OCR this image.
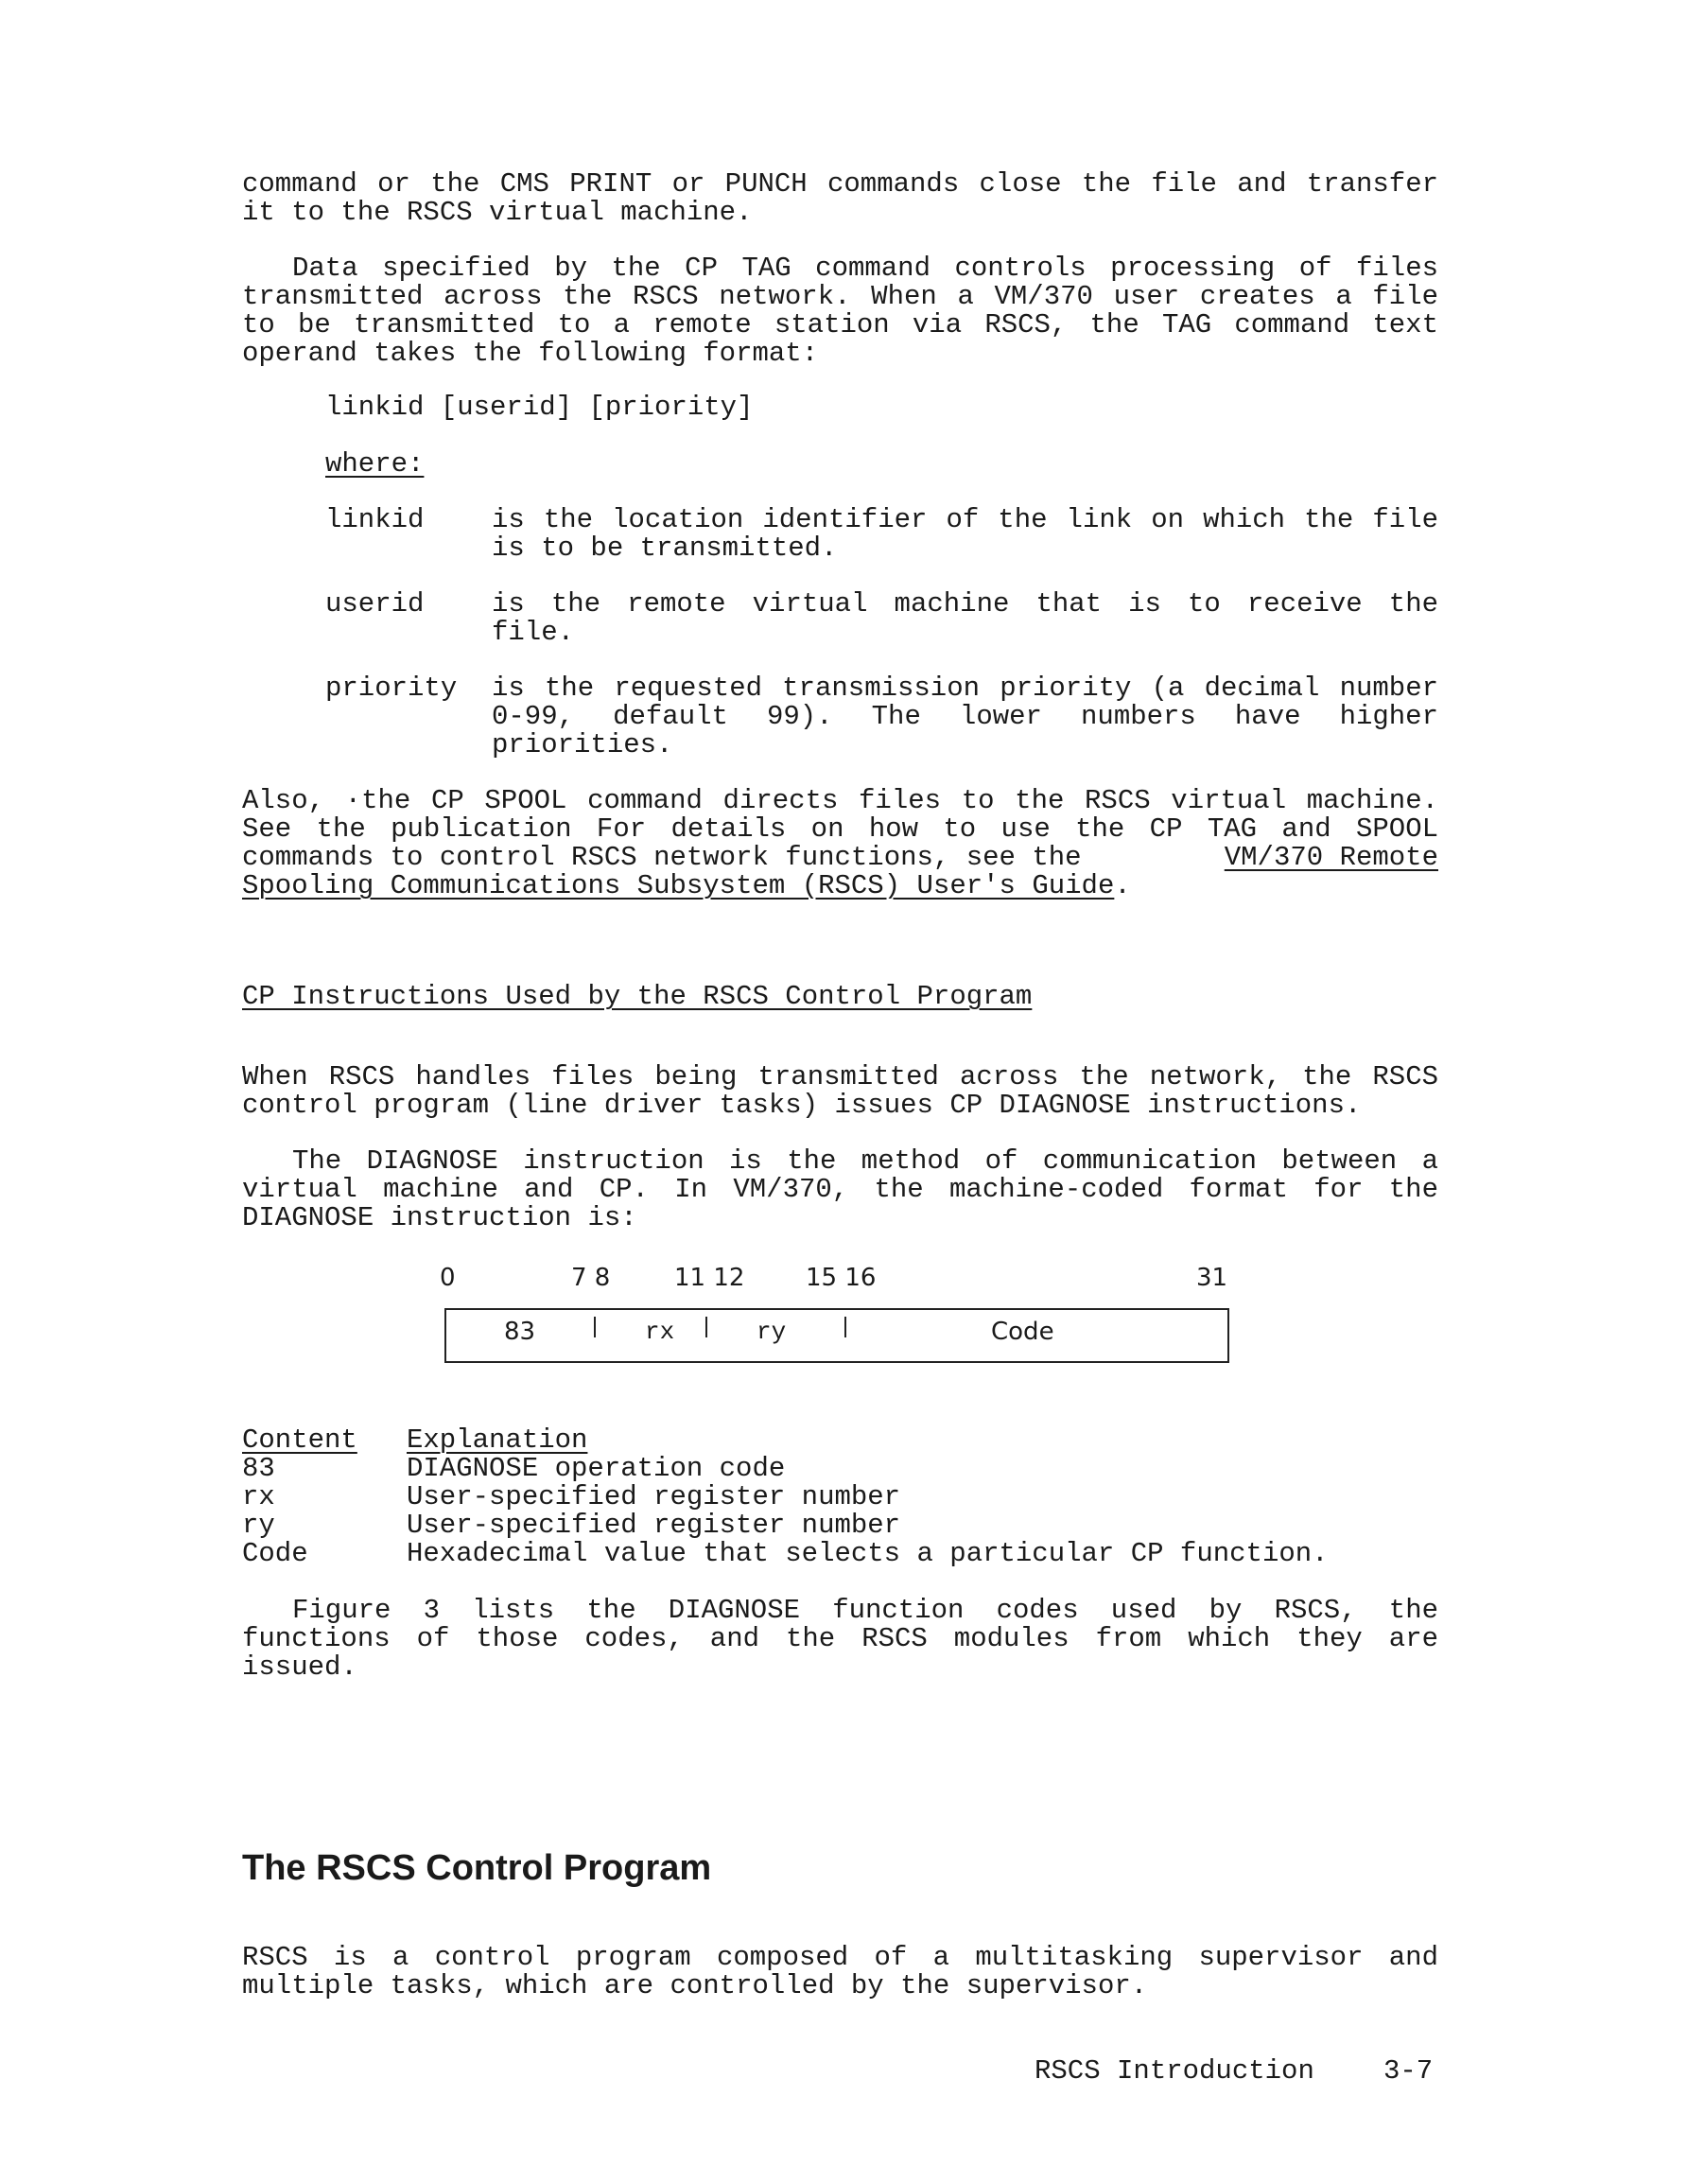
command or the CMS PRINT or PUNCH commands close the file and transfer
it to the RSCS virtual machine.
Data specified by the CP TAG command controls processing of files
transmitted across the RSCS network. When a VM/370 user creates a file
to be transmitted to a remote station via RSCS, the TAG command text
operand takes the following format:

linkid [userid] [priority]

where:

linkid is the location identifier of the link on which the file
is to be transmitted.

userid is the remote virtual machine that is to receive the
file.

priority is the requested transmission priority (a decimal number
0-99, default 99). The lower numbers have higher
priorities.
Also, ·the CP SPOOL command directs files to the RSCS virtual machine.
See the publication For details on how to use the CP TAG and SPOOL
commands to control RSCS network functions, see the	VM/370 Remote
Spooling Communications Subsystem (RSCS) User's Guide.

CP Instructions Used by the RSCS Control Program

When RSCS handles files being transmitted across the network, the RSCS
control program (line driver tasks) issues CP DIAGNOSE instructions.
The DIAGNOSE instruction is the method of communication between a
virtual machine and CP. In VM/370, the machine-coded format for the
DIAGNOSE instruction is:
0	7 8	11 12 15 16	31
83	rx	ry	Code

Content Explanation

83	DIAGNOSE operation code

rx	User-specified register number

ry	User-specified register number

Code	Hexadecimal value that selects a particular CP function.

Figure 3 lists the DIAGNOSE function codes used by RSCS, the
functions of those codes, and the RSCS modules from which they are
issued.

The RSCS Control Program

RSCS is a control program composed of a multitasking supervisor and
multiple tasks, which are controlled by the supervisor.

RSCS Introduction	3-7
